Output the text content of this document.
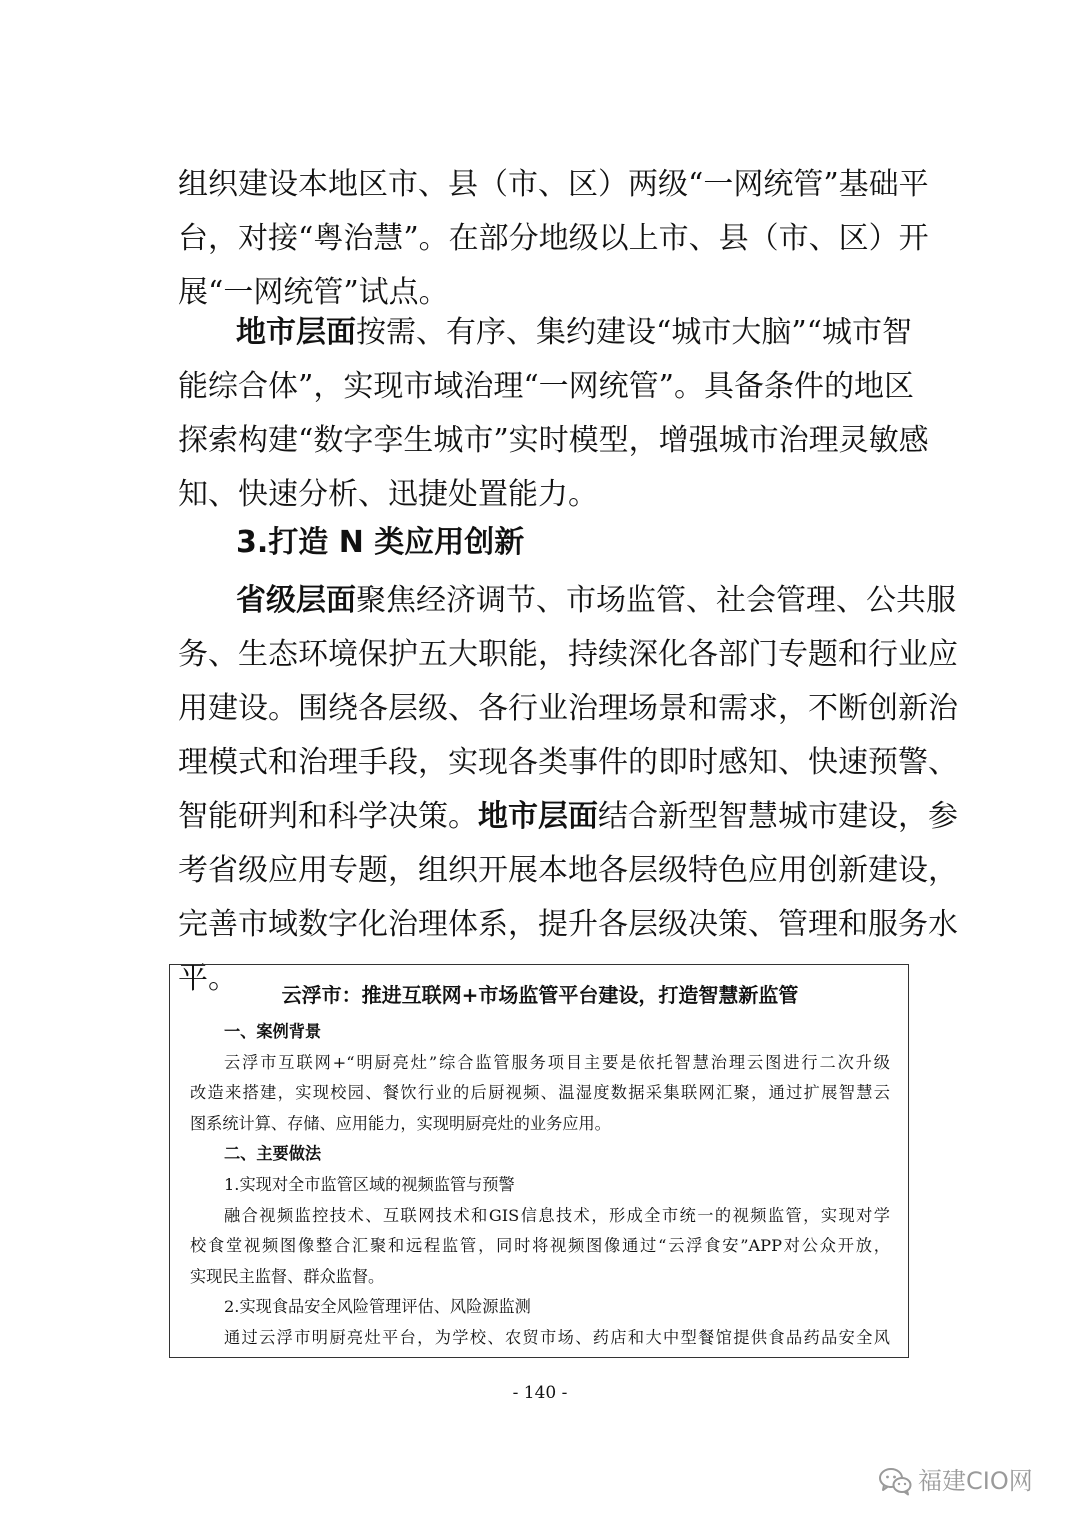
组织建设本地区市、县（市、区）两级“一网统管”基础平
台，对接“粤治慧”。在部分地级以上市、县（市、区）开
展“一网统管”试点。

地市层面按需、有序、集约建设“城市大脑”“城市智
能综合体”，实现市域治理“一网统管”。具备条件的地区
探索构建“数字孪生城市”实时模型，增强城市治理灵敏感
知、快速分析、迅捷处置能力。

3.打造 N 类应用创新

省级层面聚焦经济调节、市场监管、社会管理、公共服
务、生态环境保护五大职能，持续深化各部门专题和行业应
用建设。围绕各层级、各行业治理场景和需求，不断创新治
理模式和治理手段，实现各类事件的即时感知、快速预警、
智能研判和科学决策。地市层面结合新型智慧城市建设，参
考省级应用专题，组织开展本地各层级特色应用创新建设，
完善市域数字化治理体系，提升各层级决策、管理和服务水
平。	云浮市：推进互联网+市场监管平台建设，打造智慧新监管
一、案例背景
云浮市互联网+“明厨亮灶”综合监管服务项目主要是依托智慧治理云图进行二次升级
改造来搭建，实现校园、餐饮行业的后厨视频、温湿度数据采集联网汇聚，通过扩展智慧云
图系统计算、存储、应用能力，实现明厨亮灶的业务应用。
二、主要做法
1.实现对全市监管区域的视频监管与预警
融合视频监控技术、互联网技术和GIS信息技术，形成全市统一的视频监管，实现对学
校食堂视频图像整合汇聚和远程监管，同时将视频图像通过“云浮食安”APP对公众开放，
实现民主监督、群众监督。
2.实现食品安全风险管理评估、风险源监测
通过云浮市明厨亮灶平台，为学校、农贸市场、药店和大中型餐馆提供食品药品安全风
- 140 -
福建CIO网
